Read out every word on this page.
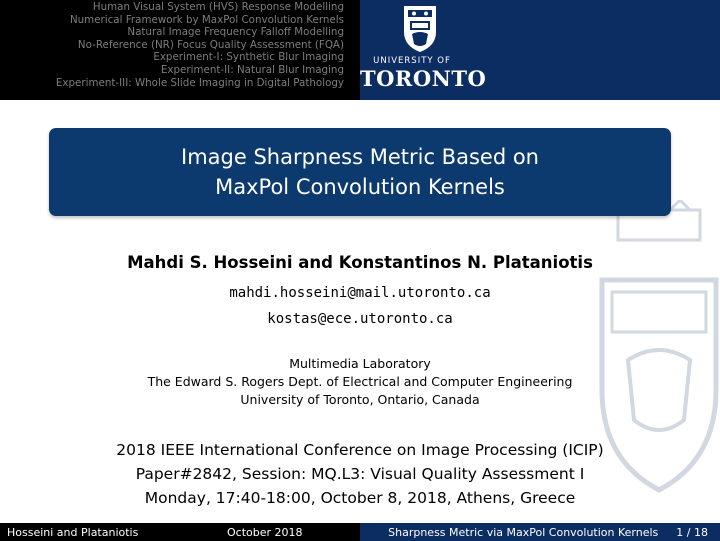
Human Visual System (HVS) Response Modelling
Numerical Framework by MaxPol Convolution Kernels
Natural Image Frequency Falloff Modelling
No-Reference (NR) Focus Quality Assessment (FQA)
Experiment-I: Synthetic Blur Imaging
Experiment-II: Natural Blur Imaging
Experiment-III: Whole Slide Imaging in Digital Pathology
UNIVERSITY OF
TORONTO
Image Sharpness Metric Based on
MaxPol Convolution Kernels
Mahdi S. Hosseini and Konstantinos N. Plataniotis
mahdi.hosseini@mail.utoronto.ca
kostas@ece.utoronto.ca
Multimedia Laboratory
The Edward S. Rogers Dept. of Electrical and Computer Engineering
University of Toronto, Ontario, Canada
2018 IEEE International Conference on Image Processing (ICIP)
Paper#2842, Session: MQ.L3: Visual Quality Assessment I
Monday, 17:40-18:00, October 8, 2018, Athens, Greece
Hosseini and Plataniotis	October 2018	Sharpness Metric via MaxPol Convolution Kernels 1 / 18
